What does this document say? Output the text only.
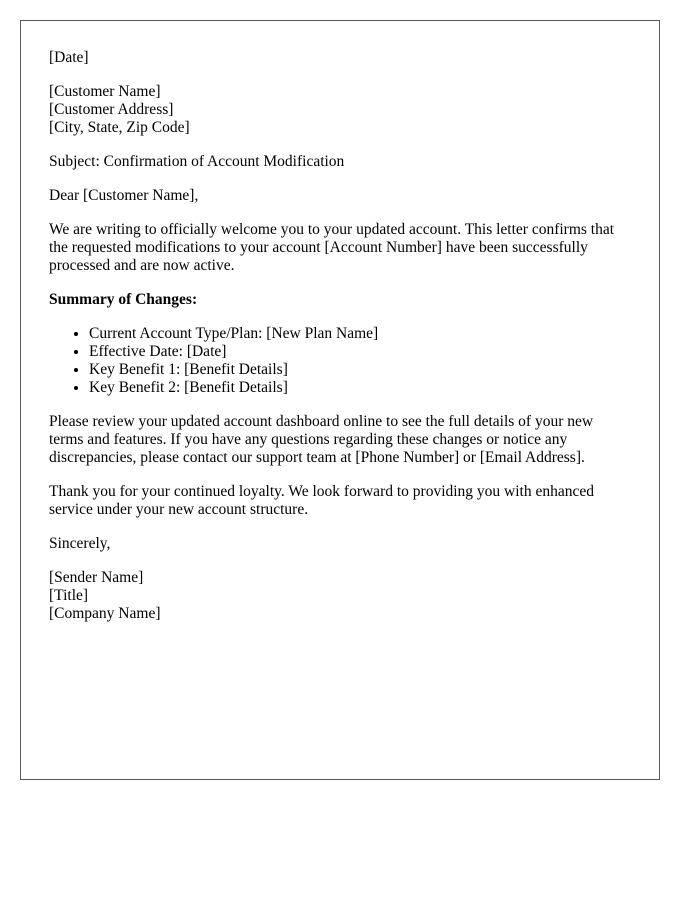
[Date]
[Customer Name]
[Customer Address]
[City, State, Zip Code]

Subject: Confirmation of Account Modification

Dear [Customer Name],

We are writing to officially welcome you to your updated account. This letter confirms that the requested modifications to your account [Account Number] have been successfully processed and are now active.

Summary of Changes:

• Current Account Type/Plan: [New Plan Name]
• Effective Date: [Date]
• Key Benefit 1: [Benefit Details]
• Key Benefit 2: [Benefit Details]

Please review your updated account dashboard online to see the full details of your new terms and features. If you have any questions regarding these changes or notice any discrepancies, please contact our support team at [Phone Number] or [Email Address].

Thank you for your continued loyalty. We look forward to providing you with enhanced service under your new account structure.

Sincerely,

[Sender Name]
[Title]
[Company Name]
